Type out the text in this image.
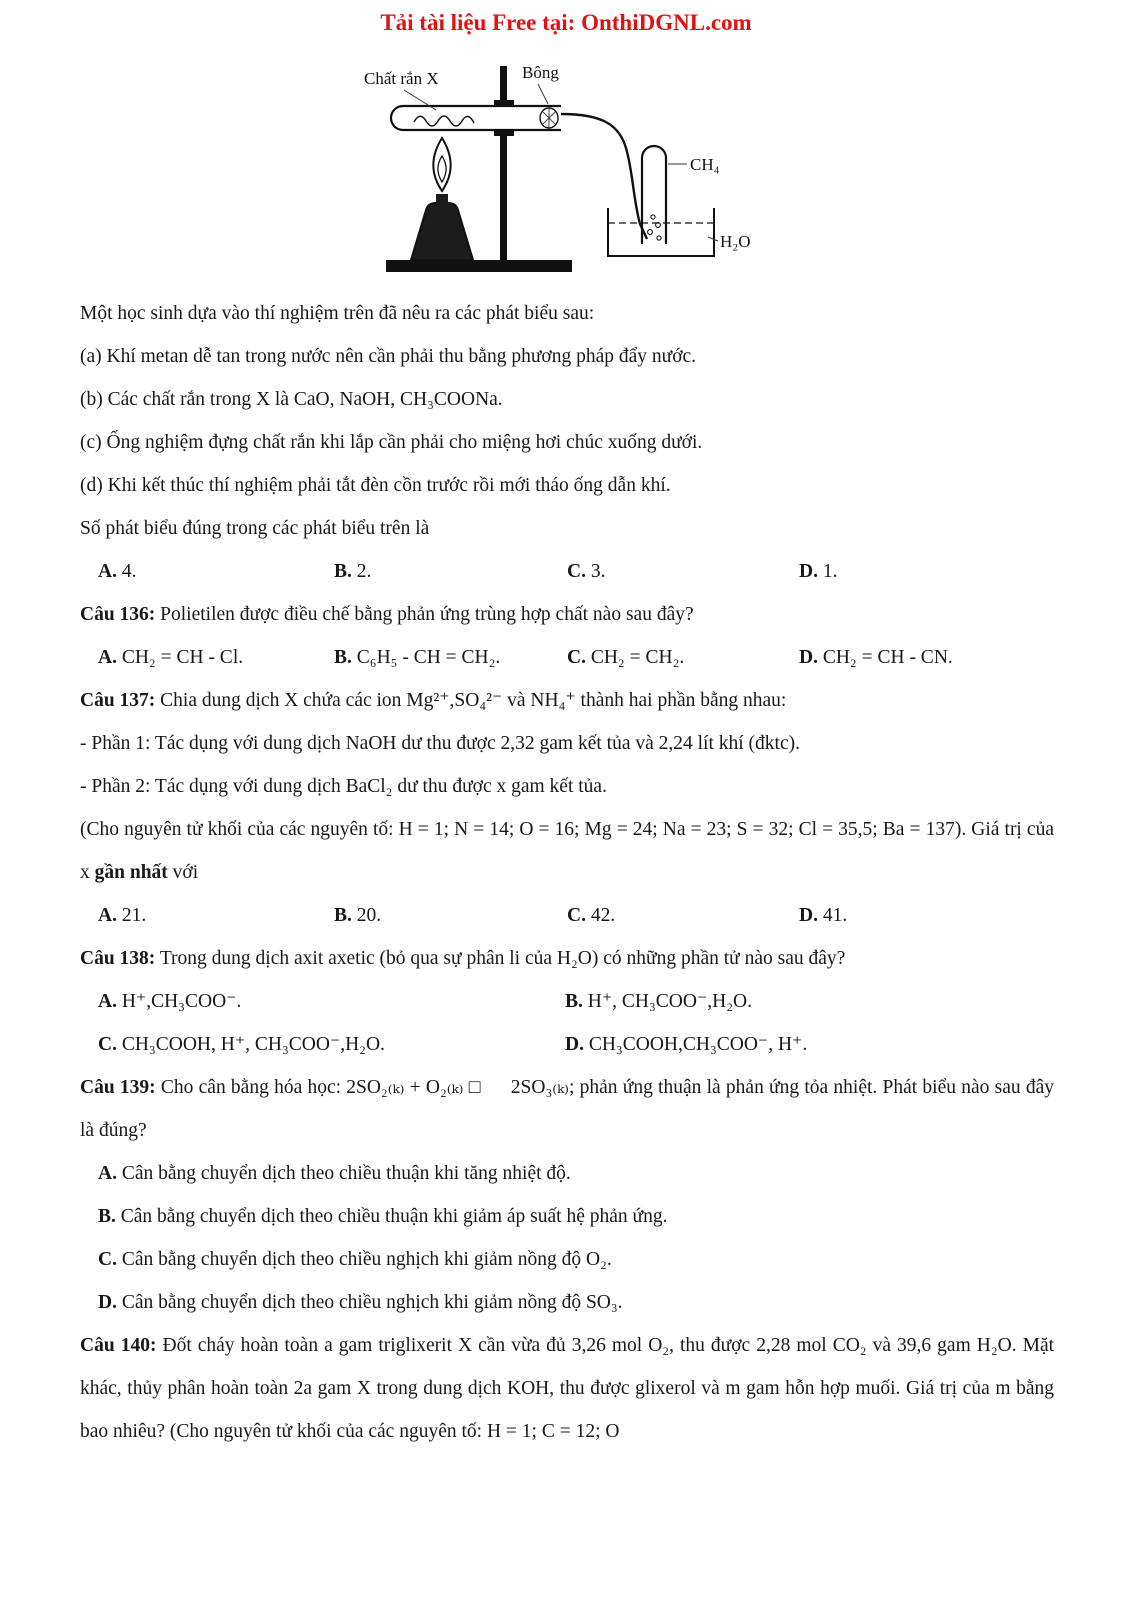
Tải tài liệu Free tại: OnthiDGNL.com
Chất rắn X	Bông
CH₄
H₂O

Một học sinh dựa vào thí nghiệm trên đã nêu ra các phát biểu sau:

(a) Khí metan dễ tan trong nước nên cần phải thu bằng phương pháp đẩy nước.

(b) Các chất rắn trong X là CaO, NaOH, CH₃COONa.

(c) Ống nghiệm đựng chất rắn khi lắp cần phải cho miệng hơi chúc xuống dưới.

(d) Khi kết thúc thí nghiệm phải tắt đèn cồn trước rồi mới tháo ống dẫn khí.

Số phát biểu đúng trong các phát biểu trên là

A. 4.	B. 2.	C. 3.	D. 1.

Câu 136: Polietilen được điều chế bằng phản ứng trùng hợp chất nào sau đây?

A. CH₂ = CH - Cl.	B. C₆H₅ - CH = CH₂.	C. CH₂ = CH₂.	D. CH₂ = CH - CN.

Câu 137: Chia dung dịch X chứa các ion Mg²⁺,SO₄²⁻ và NH₄⁺ thành hai phần bằng nhau:

- Phần 1: Tác dụng với dung dịch NaOH dư thu được 2,32 gam kết tủa và 2,24 lít khí (đktc).

- Phần 2: Tác dụng với dung dịch BaCl₂ dư thu được x gam kết tủa.

(Cho nguyên tử khối của các nguyên tố: H = 1; N = 14; O = 16; Mg = 24; Na = 23; S = 32; Cl = 35,5; Ba = 137). Giá trị của x gần nhất với

A. 21.	B. 20.	C. 42.	D. 41.

Câu 138: Trong dung dịch axit axetic (bỏ qua sự phân li của H₂O) có những phần tử nào sau đây?

A. H⁺,CH₃COO⁻.	B. H⁺, CH₃COO⁻,H₂O.
C. CH₃COOH, H⁺, CH₃COO⁻,H₂O.	D. CH₃COOH,CH₃COO⁻, H⁺.

Câu 139: Cho cân bằng hóa học: 2SO₂₍ₖ₎ + O₂₍ₖ₎ □   2SO₃₍ₖ₎; phản ứng thuận là phản ứng tỏa nhiệt. Phát biểu nào sau đây là đúng?

A. Cân bằng chuyển dịch theo chiều thuận khi tăng nhiệt độ.

B. Cân bằng chuyển dịch theo chiều thuận khi giảm áp suất hệ phản ứng.

C. Cân bằng chuyển dịch theo chiều nghịch khi giảm nồng độ O₂.

D. Cân bằng chuyển dịch theo chiều nghịch khi giảm nồng độ SO₃.

Câu 140: Đốt cháy hoàn toàn a gam triglixerit X cần vừa đủ 3,26 mol O₂, thu được 2,28 mol CO₂ và 39,6 gam H₂O. Mặt khác, thủy phân hoàn toàn 2a gam X trong dung dịch KOH, thu được glixerol và m gam hỗn hợp muối. Giá trị của m bằng bao nhiêu? (Cho nguyên tử khối của các nguyên tố: H = 1; C = 12; O
